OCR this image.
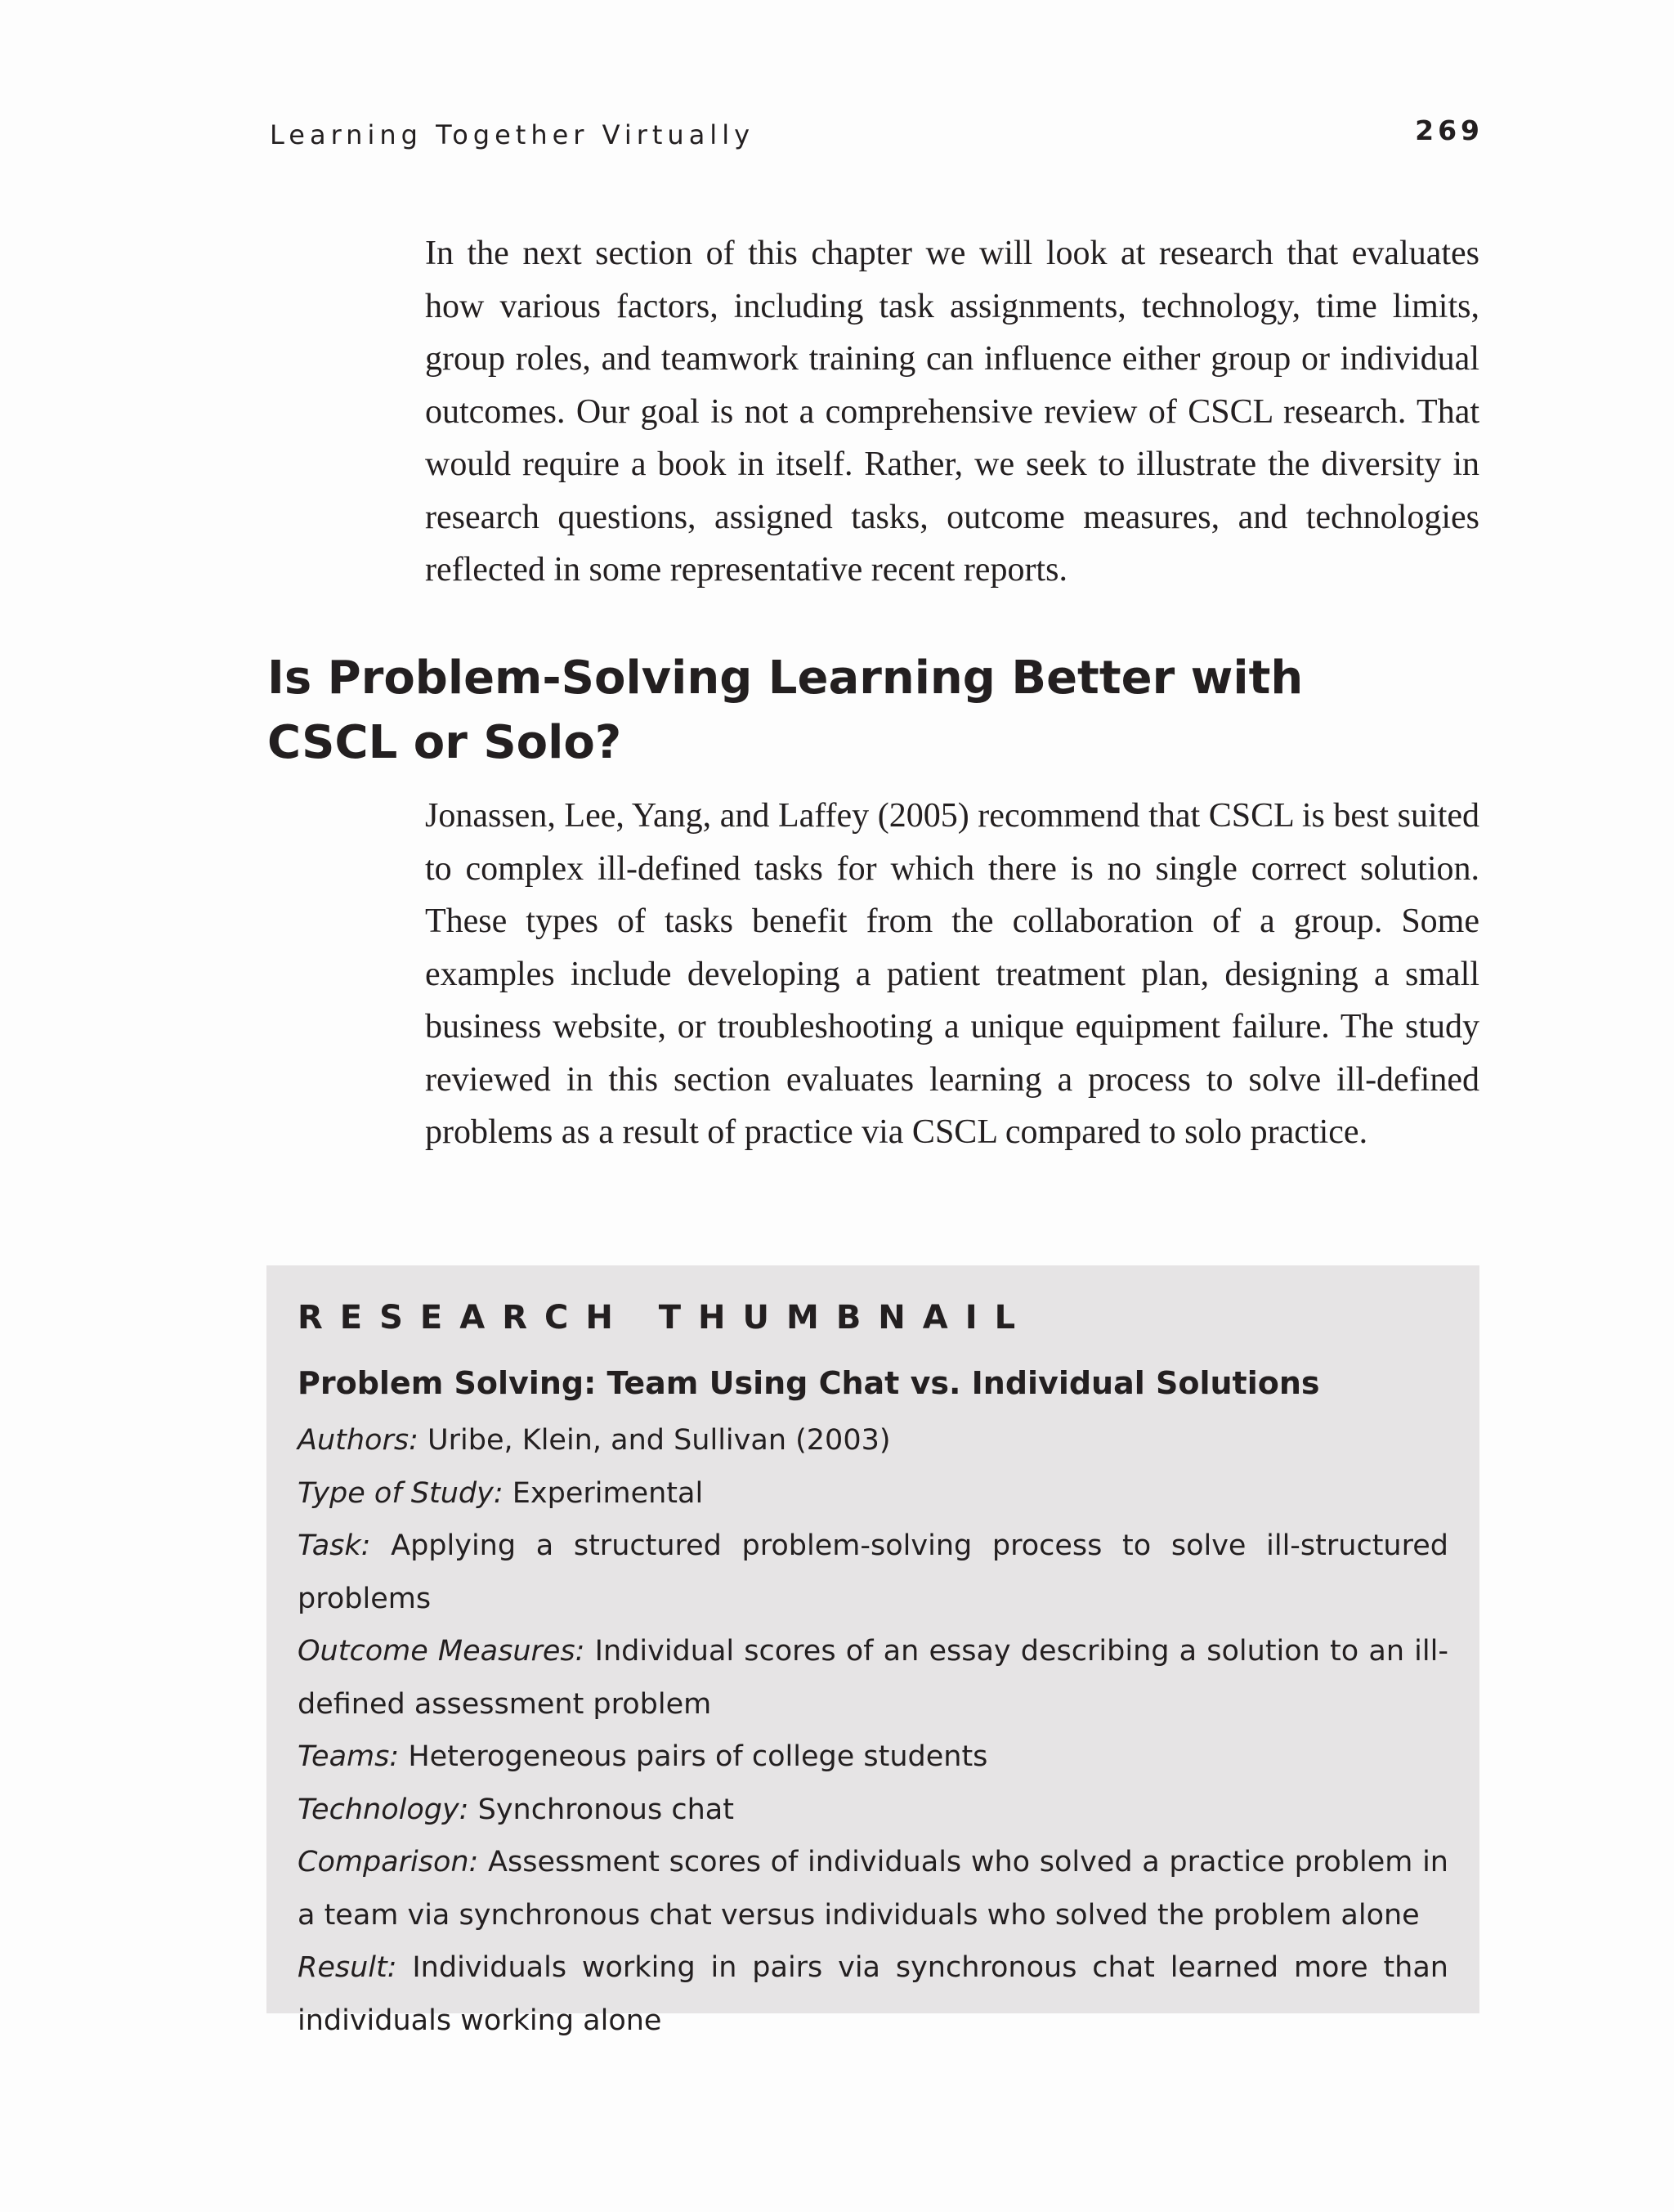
Learning Together Virtually	269

In the next section of this chapter we will look at research that evaluates how various factors, including task assignments, technology, time limits, group roles, and teamwork training can influence either group or individual outcomes. Our goal is not a comprehensive review of CSCL research. That would require a book in itself. Rather, we seek to illustrate the diversity in research questions, assigned tasks, outcome measures, and technologies reflected in some representative recent reports.

Is Problem-Solving Learning Better with
CSCL or Solo?

Jonassen, Lee, Yang, and Laffey (2005) recommend that CSCL is best suited to complex ill-defined tasks for which there is no single correct solution. These types of tasks benefit from the collaboration of a group. Some examples include developing a patient treatment plan, designing a small business website, or troubleshooting a unique equipment failure. The study reviewed in this section evaluates learning a process to solve ill-defined problems as a result of practice via CSCL compared to solo practice.

RESEARCH THUMBNAIL
Problem Solving: Team Using Chat vs. Individual Solutions

Authors: Uribe, Klein, and Sullivan (2003)

Type of Study: Experimental

Task: Applying a structured problem-solving process to solve ill-structured problems

Outcome Measures: Individual scores of an essay describing a solution to an ill-defined assessment problem

Teams: Heterogeneous pairs of college students

Technology: Synchronous chat

Comparison: Assessment scores of individuals who solved a practice problem in a team via synchronous chat versus individuals who solved the problem alone

Result: Individuals working in pairs via synchronous chat learned more than individuals working alone
